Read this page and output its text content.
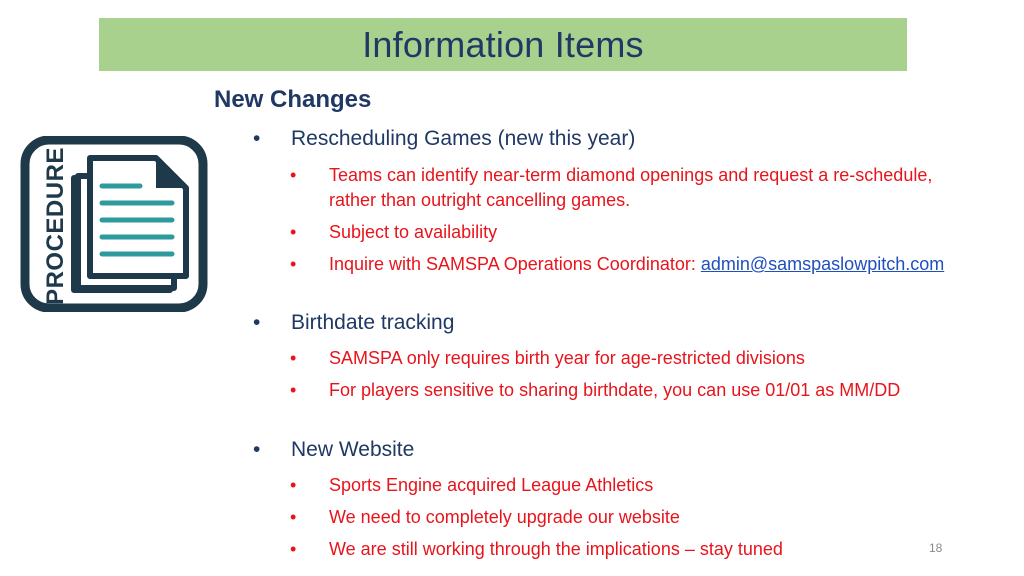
Information Items
PROCEDURE
New Changes
• Rescheduling Games (new this year)
• Teams can identify near-term diamond openings and request a re-schedule,
rather than outright cancelling games.
• Subject to availability
• Inquire with SAMSPA Operations Coordinator: admin@samspaslowpitch.com
• Birthdate tracking
• SAMSPA only requires birth year for age-restricted divisions
• For players sensitive to sharing birthdate, you can use 01/01 as MM/DD
• New Website
• Sports Engine acquired League Athletics
• We need to completely upgrade our website
• We are still working through the implications – stay tuned	18
